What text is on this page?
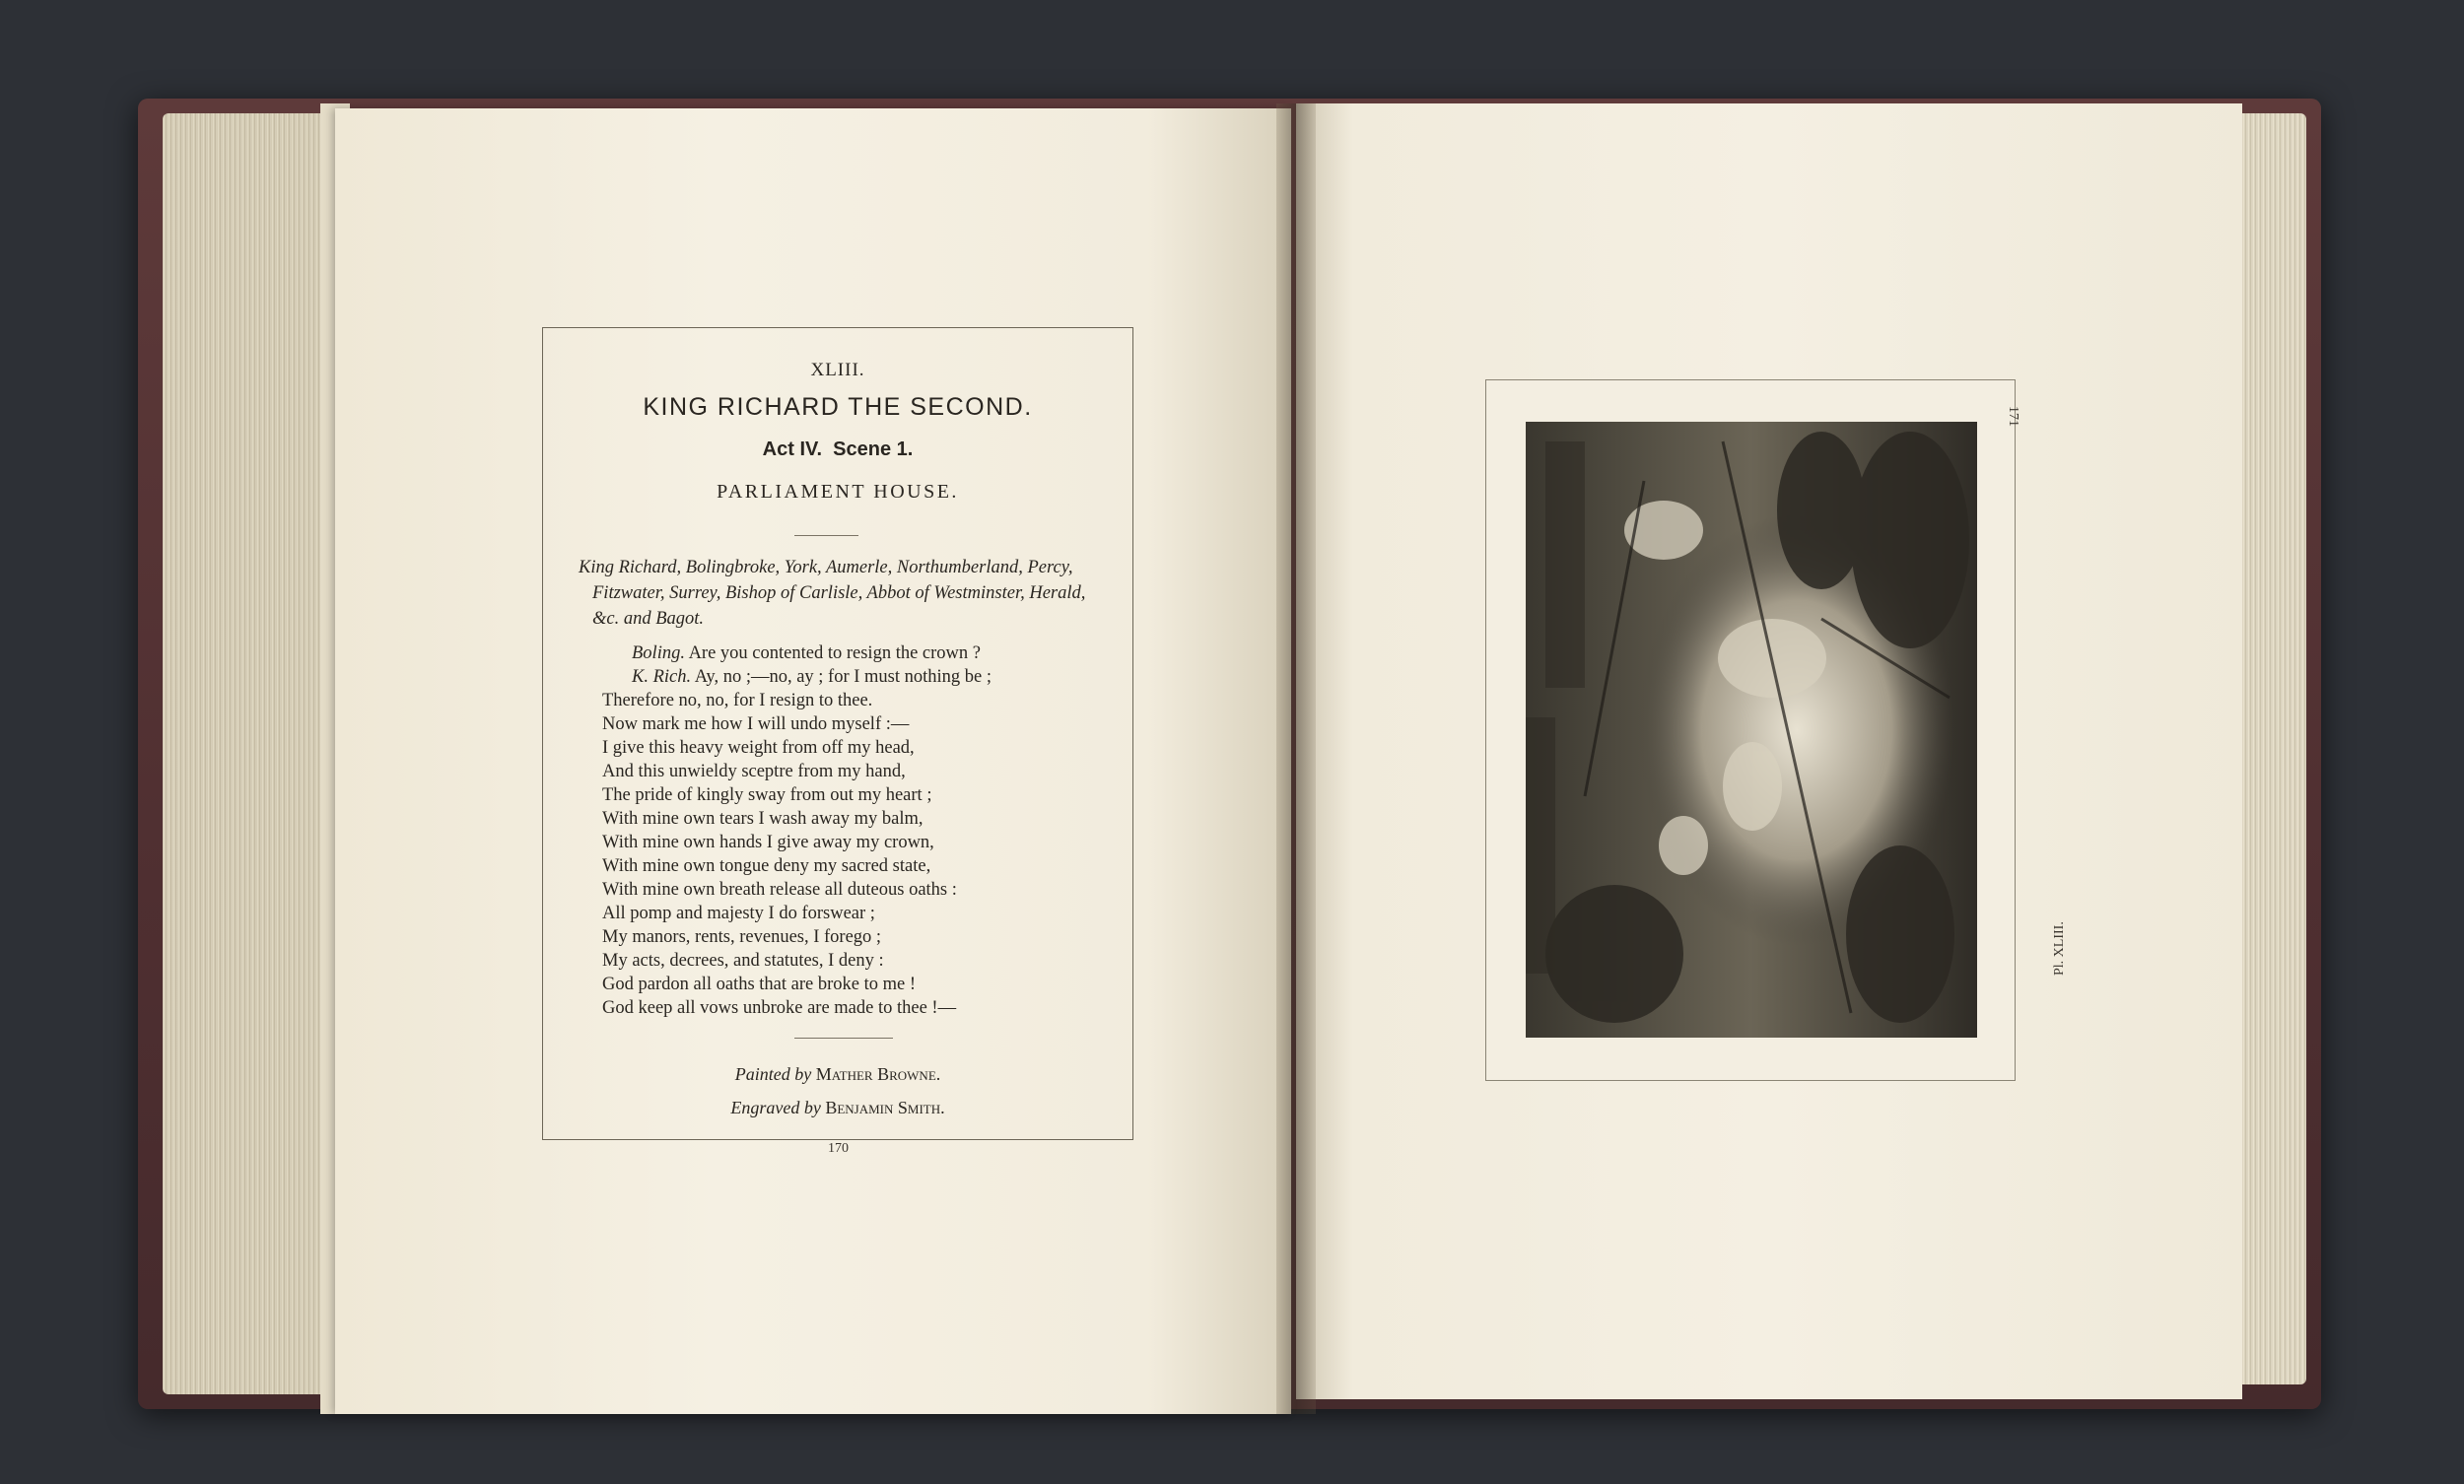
XLIII.
KING RICHARD THE SECOND.
Act IV.  Scene 1.
PARLIAMENT HOUSE.
King Richard, Bolingbroke, York, Aumerle, Northumberland, Percy, Fitzwater, Surrey, Bishop of Carlisle, Abbot of Westminster, Herald, &c. and Bagot.
Boling. Are you contented to resign the crown ?
K. Rich. Ay, no ;—no, ay ; for I must nothing be ;
Therefore no, no, for I resign to thee.
Now mark me how I will undo myself :—
I give this heavy weight from off my head,
And this unwieldy sceptre from my hand,
The pride of kingly sway from out my heart ;
With mine own tears I wash away my balm,
With mine own hands I give away my crown,
With mine own tongue deny my sacred state,
With mine own breath release all duteous oaths :
All pomp and majesty I do forswear ;
My manors, rents, revenues, I forego ;
My acts, decrees, and statutes, I deny :
God pardon all oaths that are broke to me !
God keep all vows unbroke are made to thee !—
Painted by Mather Browne.
Engraved by Benjamin Smith.
170
171
Pl. XLIII.
